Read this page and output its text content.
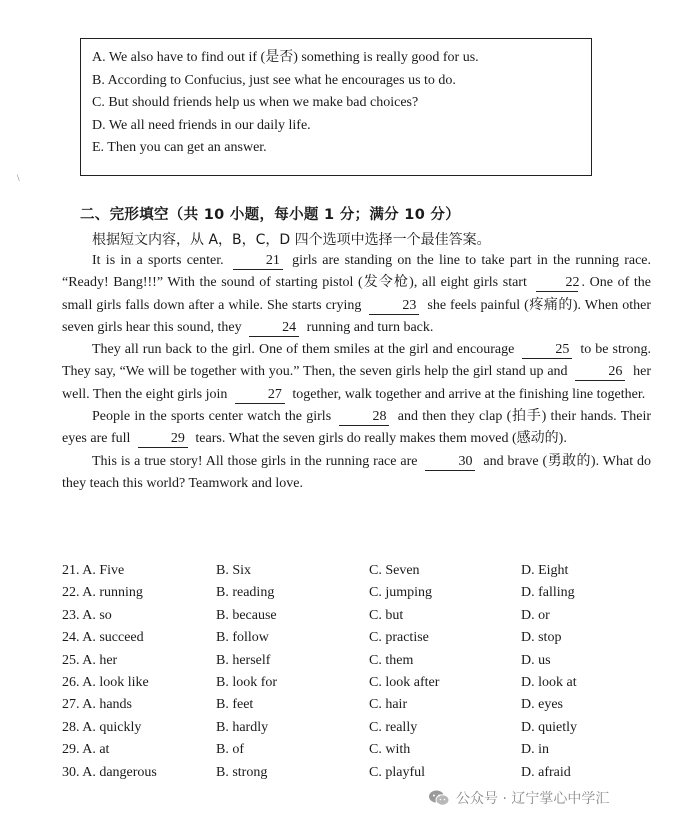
A. We also have to find out if (是否) something is really good for us.
B. According to Confucius, just see what he encourages us to do.
C. But should friends help us when we make bad choices?
D. We all need friends in our daily life.
E. Then you can get an answer.
\
二、完形填空（共 10 小题，每小题 1 分；满分 10 分）
根据短文内容，从 A，B，C，D 四个选项中选择一个最佳答案。

It is in a sports center.	21 girls are standing on the line to take part in the running race. “Ready! Bang!!!” With the sound of starting pistol (发令枪), all eight girls start	22 . One of the small girls falls down after a while. She starts crying	23 she feels painful (疼痛的). When other seven girls hear this sound, they	24 running and turn back.

They all run back to the girl. One of them smiles at the girl and encourage	25 to be strong. They say, “We will be together with you.” Then, the seven girls help the girl stand up and	26 her well. Then the eight girls join	27 together, walk together and arrive at the finishing line together.

People in the sports center watch the girls	28 and then they clap (拍手) their hands. Their eyes are full	29 tears. What the seven girls do really makes them moved (感动的).

This is a true story! All those girls in the running race are	30 and brave (勇敢的). What do they teach this world? Teamwork and love.

21. A. Five	B. Six	C. Seven	D. Eight
22. A. running	B. reading	C. jumping	D. falling
23. A. so	B. because	C. but	D. or
24. A. succeed	B. follow	C. practise	D. stop
25. A. her	B. herself	C. them	D. us
26. A. look like	B. look for	C. look after	D. look at
27. A. hands	B. feet	C. hair	D. eyes
28. A. quickly	B. hardly	C. really	D. quietly
29. A. at	B. of	C. with	D. in
30. A. dangerous	B. strong	C. playful	D. afraid
公众号 · 辽宁掌心中学汇
